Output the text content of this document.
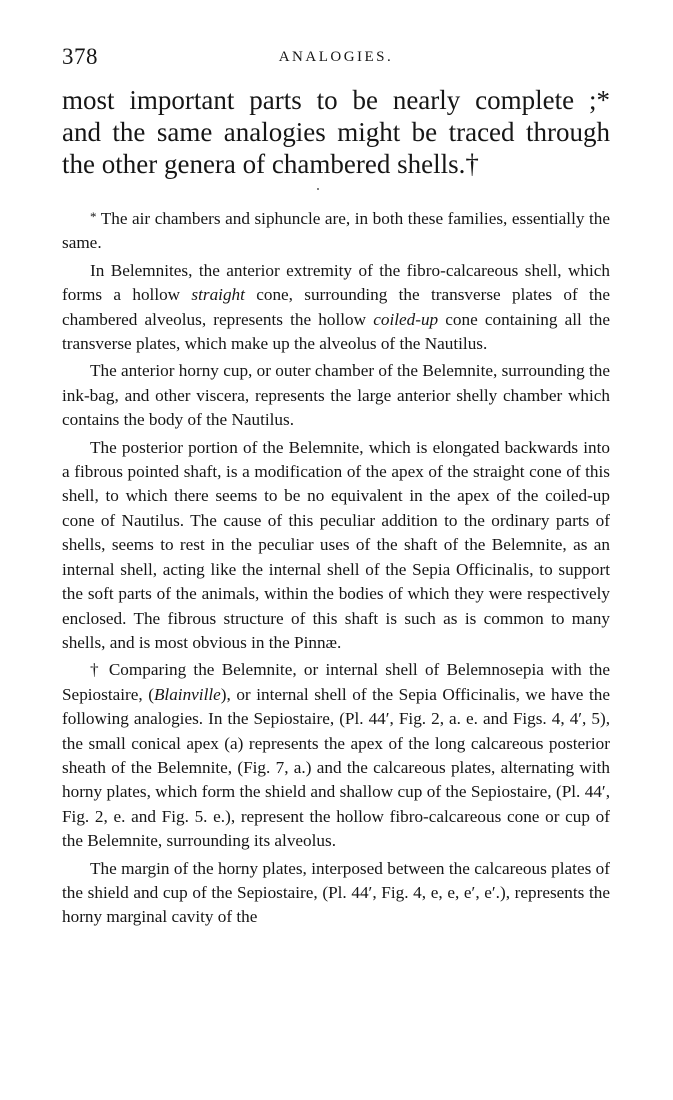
378	ANALOGIES.
most important parts to be nearly complete ;*
and the same analogies might be traced through
the other genera of chambered shells.†

* The air chambers and siphuncle are, in both these families, essentially the same.

In Belemnites, the anterior extremity of the fibro-calcareous shell, which forms a hollow straight cone, surrounding the transverse plates of the chambered alveolus, represents the hollow coiled-up cone containing all the transverse plates, which make up the alveolus of the Nautilus.

The anterior horny cup, or outer chamber of the Belemnite, surrounding the ink-bag, and other viscera, represents the large anterior shelly chamber which contains the body of the Nautilus.

The posterior portion of the Belemnite, which is elongated backwards into a fibrous pointed shaft, is a modification of the apex of the straight cone of this shell, to which there seems to be no equivalent in the apex of the coiled-up cone of Nautilus. The cause of this peculiar addition to the ordinary parts of shells, seems to rest in the peculiar uses of the shaft of the Belemnite, as an internal shell, acting like the internal shell of the Sepia Officinalis, to support the soft parts of the animals, within the bodies of which they were respectively enclosed. The fibrous structure of this shaft is such as is common to many shells, and is most obvious in the Pinnæ.

† Comparing the Belemnite, or internal shell of Belemnosepia with the Sepiostaire, (Blainville), or internal shell of the Sepia Officinalis, we have the following analogies. In the Sepiostaire, (Pl. 44′, Fig. 2, a. e. and Figs. 4, 4′, 5), the small conical apex (a) represents the apex of the long calcareous posterior sheath of the Belemnite, (Fig. 7, a.) and the calcareous plates, alternating with horny plates, which form the shield and shallow cup of the Sepiostaire, (Pl. 44′, Fig. 2, e. and Fig. 5. e.), represent the hollow fibro-calcareous cone or cup of the Belemnite, surrounding its alveolus.

The margin of the horny plates, interposed between the calcareous plates of the shield and cup of the Sepiostaire, (Pl. 44′, Fig. 4, e, e, e′, e′.), represents the horny marginal cavity of the
